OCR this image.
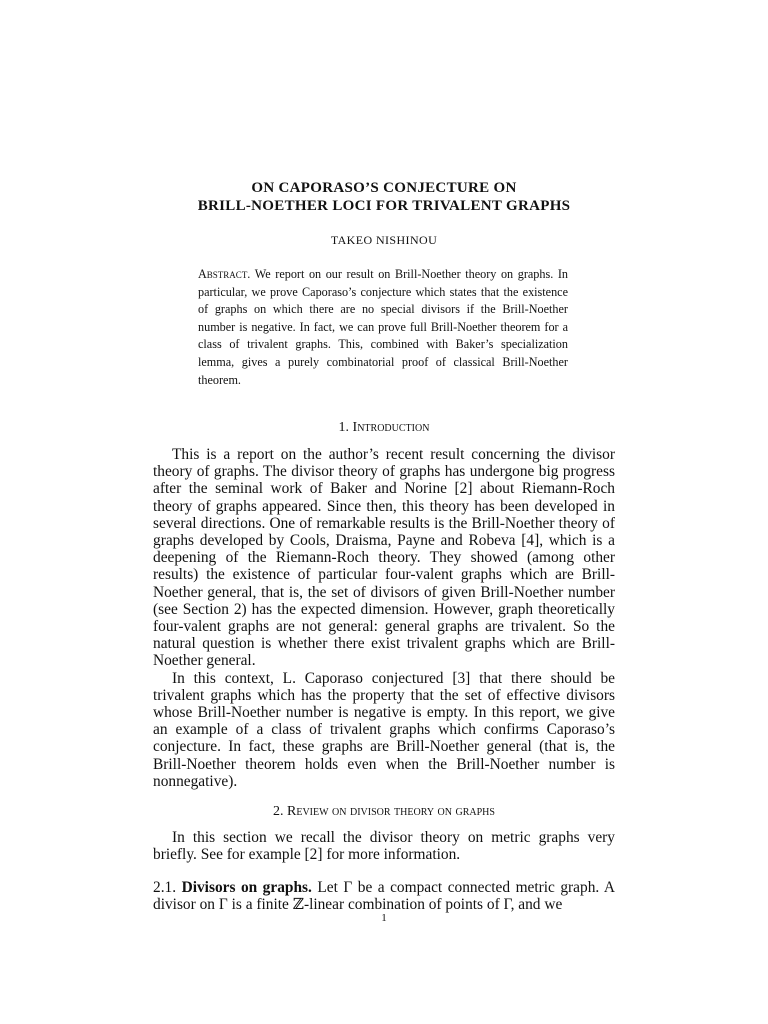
ON CAPORASO’S CONJECTURE ON
BRILL-NOETHER LOCI FOR TRIVALENT GRAPHS
TAKEO NISHINOU
Abstract. We report on our result on Brill-Noether theory on graphs. In particular, we prove Caporaso’s conjecture which states that the existence of graphs on which there are no special divisors if the Brill-Noether number is negative. In fact, we can prove full Brill-Noether theorem for a class of trivalent graphs. This, combined with Baker’s specialization lemma, gives a purely combinatorial proof of classical Brill-Noether theorem.
1. Introduction

This is a report on the author’s recent result concerning the divisor theory of graphs. The divisor theory of graphs has undergone big progress after the seminal work of Baker and Norine [2] about Riemann-Roch theory of graphs appeared. Since then, this theory has been developed in several directions. One of remarkable results is the Brill-Noether theory of graphs developed by Cools, Draisma, Payne and Robeva [4], which is a deepening of the Riemann-Roch theory. They showed (among other results) the existence of particular four-valent graphs which are Brill-Noether general, that is, the set of divisors of given Brill-Noether number (see Section 2) has the expected dimension. However, graph theoretically four-valent graphs are not general: general graphs are trivalent. So the natural question is whether there exist trivalent graphs which are Brill-Noether general.

In this context, L. Caporaso conjectured [3] that there should be trivalent graphs which has the property that the set of effective divisors whose Brill-Noether number is negative is empty. In this report, we give an example of a class of trivalent graphs which confirms Caporaso’s conjecture. In fact, these graphs are Brill-Noether general (that is, the Brill-Noether theorem holds even when the Brill-Noether number is nonnegative).

2. Review on divisor theory on graphs

In this section we recall the divisor theory on metric graphs very briefly. See for example [2] for more information.

2.1. Divisors on graphs. Let Γ be a compact connected metric graph. A divisor on Γ is a finite ℤ-linear combination of points of Γ, and we

1
